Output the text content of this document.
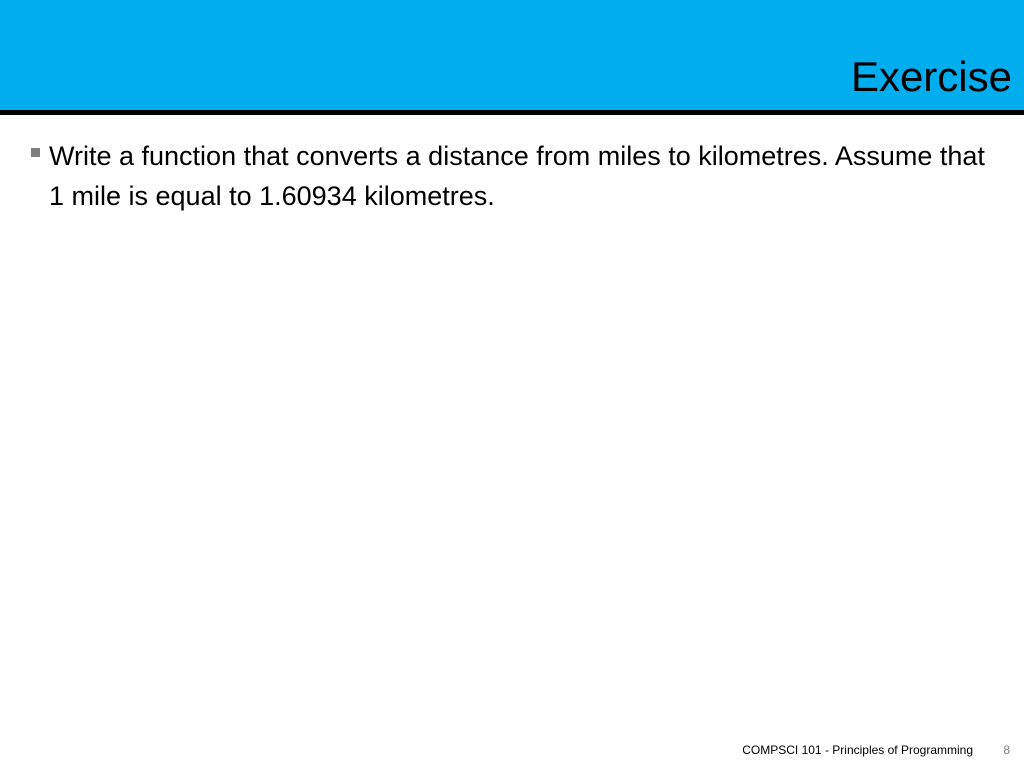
Exercise
Write a function that converts a distance from miles to kilometres. Assume that 1 mile is equal to 1.60934 kilometres.
COMPSCI 101 - Principles of Programming	8
